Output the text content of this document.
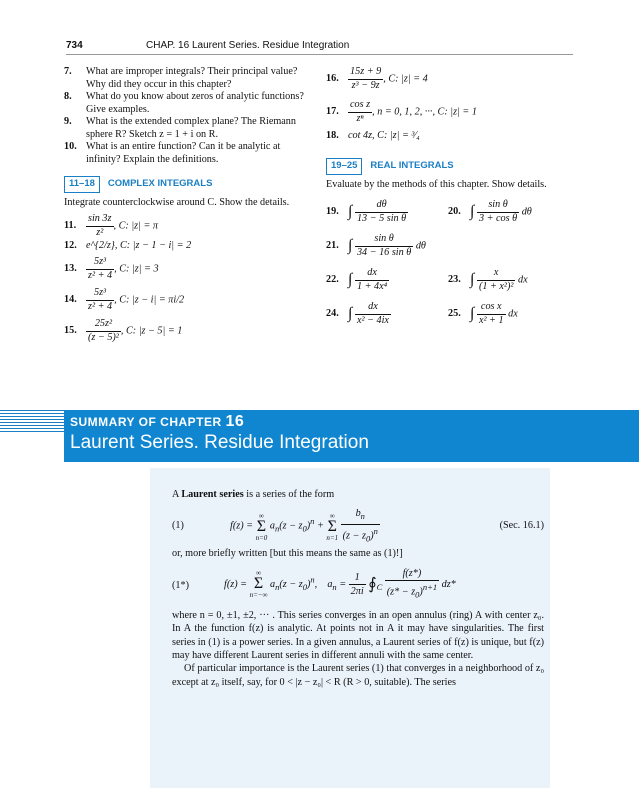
734	CHAP. 16 Laurent Series. Residue Integration
7. What are improper integrals? Their principal value? Why did they occur in this chapter?
8. What do you know about zeros of analytic functions? Give examples.
9. What is the extended complex plane? The Riemann sphere R? Sketch z = 1 + i on R.
10. What is an entire function? Can it be analytic at infinity? Explain the definitions.
11–18 COMPLEX INTEGRALS
Integrate counterclockwise around C. Show the details.
11. $\frac{\sin 3z}{\text{z²}}$ , C: |z| = π
12. e^{2/z}, C: |z − 1 − i| = 2
13. $\frac{\text{5z³}}{\text{z² + 4}}$ , C: |z| = 3
14. $\frac{\text{5z³}}{\text{z² + 4}}$ , C: |z − i| = πi/2
15. $\frac{\text{25z²}}{\text{(z − 5)²}}$ , C: |z − 5| = 1
16. $\frac{15z + 9}{\text{z³ − 9z}}$ , C: |z| = 4
17. $\frac{\text{cos z}}{\text{zⁿ}}$ , n = 0, 1, 2, ···, C: |z| = 1
18. cot 4z, C: |z| = ³⁄₄
19–25 REAL INTEGRALS
Evaluate by the methods of this chapter. Show details.
19. ∫ $\frac{d\theta}{\text{13 − 5 sin θ}}$	20. ∫ $\frac{\text{sin θ}}{\text{3 + cos θ}}$ dθ
21. ∫ $\frac{\text{sin θ}}{\text{34 − 16 sin θ}}$ dθ
22. ∫ $\frac{dx}{\text{1 + 4x⁴}}$	23. ∫ $\frac{x}{\text{(1 + x²)²}}$ dx
24. ∫ $\frac{dx}{\text{x² − 4ix}}$	25. ∫ $\frac{\text{cos x}}{\text{x² + 1}}$ dx
SUMMARY OF CHAPTER 16
Laurent Series. Residue Integration

A Laurent series is a series of the form

(1)	f(z) =
∞
Σ
n=0
$a_n(z - z_0)^n$ +
∞
Σ
n=1
$\frac{b_n}{(z - z_0)^n}$	(Sec. 16.1)

or, more briefly written [but this means the same as (1)!]

(1*)	f(z) =
∞
Σ
n=−∞
$a_n(z - z_0)^n$,    $a_n = \frac{1}{2\pi i}$ $∮_C \frac{f(z*)}{(z* - z_0)^{n+1}} dz*$

where n = 0, ±1, ±2, ··· . This series converges in an open annulus (ring) A with center z₀. In A the function f(z) is analytic. At points not in A it may have singularities. The first series in (1) is a power series. In a given annulus, a Laurent series of f(z) is unique, but f(z) may have different Laurent series in different annuli with the same center.

Of particular importance is the Laurent series (1) that converges in a neighborhood of z₀ except at z₀ itself, say, for 0 < |z − z₀| < R (R > 0, suitable). The series
